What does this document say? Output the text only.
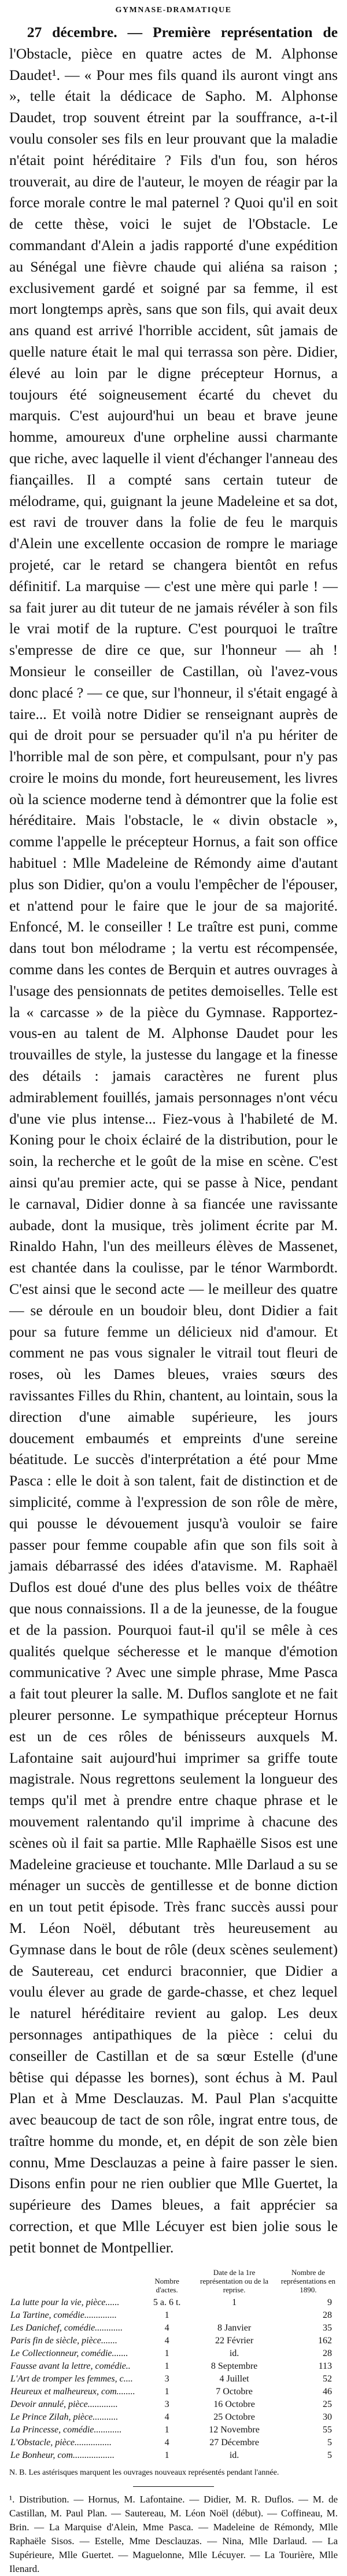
GYMNASE-DRAMATIQUE

27 décembre. — Première représentation de l'Obstacle, pièce en quatre actes de M. Alphonse Daudet¹. — « Pour mes fils quand ils auront vingt ans », telle était la dédicace de Sapho. M. Alphonse Daudet, trop souvent étreint par la souffrance, a-t-il voulu consoler ses fils en leur prouvant que la maladie n'était point héréditaire ? Fils d'un fou, son héros trouverait, au dire de l'auteur, le moyen de réagir par la force morale contre le mal paternel ? Quoi qu'il en soit de cette thèse, voici le sujet de l'Obstacle. Le commandant d'Alein a jadis rapporté d'une expédition au Sénégal une fièvre chaude qui aliéna sa raison ; exclusivement gardé et soigné par sa femme, il est mort longtemps après, sans que son fils, qui avait deux ans quand est arrivé l'horrible accident, sût jamais de quelle nature était le mal qui terrassa son père. Didier, élevé au loin par le digne précepteur Hornus, a toujours été soigneusement écarté du chevet du marquis. C'est aujourd'hui un beau et brave jeune homme, amoureux d'une orpheline aussi charmante que riche, avec laquelle il vient d'échanger l'anneau des fiançailles. Il a compté sans certain tuteur de mélodrame, qui, guignant la jeune Madeleine et sa dot, est ravi de trouver dans la folie de feu le marquis d'Alein une excellente occasion de rompre le mariage projeté, car le retard se changera bientôt en refus définitif. La marquise — c'est une mère qui parle ! — sa fait jurer au dit tuteur de ne jamais révéler à son fils le vrai motif de la rupture. C'est pourquoi le traître s'empresse de dire ce que, sur l'honneur — ah ! Monsieur le conseiller de Castillan, où l'avez-vous donc placé ? — ce que, sur l'honneur, il s'était engagé à taire... Et voilà notre Didier se renseignant auprès de qui de droit pour se persuader qu'il n'a pu hériter de l'horrible mal de son père, et compulsant, pour n'y pas croire le moins du monde, fort heureusement, les livres où la science moderne tend à démontrer que la folie est héréditaire. Mais l'obstacle, le « divin obstacle », comme l'appelle le précepteur Hornus, a fait son office habituel : Mlle Madeleine de Rémondy aime d'autant plus son Didier, qu'on a voulu l'empêcher de l'épouser, et n'attend pour le faire que le jour de sa majorité. Enfoncé, M. le conseiller ! Le traître est puni, comme dans tout bon mélodrame ; la vertu est récompensée, comme dans les contes de Berquin et autres ouvrages à l'usage des pensionnats de petites demoiselles. Telle est la « carcasse » de la pièce du Gymnase. Rapportez-vous-en au talent de M. Alphonse Daudet pour les trouvailles de style, la justesse du langage et la finesse des détails : jamais caractères ne furent plus admirablement fouillés, jamais personnages n'ont vécu d'une vie plus intense... Fiez-vous à l'habileté de M. Koning pour le choix éclairé de la distribution, pour le soin, la recherche et le goût de la mise en scène. C'est ainsi qu'au premier acte, qui se passe à Nice, pendant le carnaval, Didier donne à sa fiancée une ravissante aubade, dont la musique, très joliment écrite par M. Rinaldo Hahn, l'un des meilleurs élèves de Massenet, est chantée dans la coulisse, par le ténor Warmbordt. C'est ainsi que le second acte — le meilleur des quatre — se déroule en un boudoir bleu, dont Didier a fait pour sa future femme un délicieux nid d'amour. Et comment ne pas vous signaler le vitrail tout fleuri de roses, où les Dames bleues, vraies sœurs des ravissantes Filles du Rhin, chantent, au lointain, sous la direction d'une aimable supérieure, les jours doucement embaumés et empreints d'une sereine béatitude. Le succès d'interprétation a été pour Mme Pasca : elle le doit à son talent, fait de distinction et de simplicité, comme à l'expression de son rôle de mère, qui pousse le dévouement jusqu'à vouloir se faire passer pour femme coupable afin que son fils soit à jamais débarrassé des idées d'atavisme. M. Raphaël Duflos est doué d'une des plus belles voix de théâtre que nous connaissions. Il a de la jeunesse, de la fougue et de la passion. Pourquoi faut-il qu'il se mêle à ces qualités quelque sécheresse et le manque d'émotion communicative ? Avec une simple phrase, Mme Pasca a fait tout pleurer la salle. M. Duflos sanglote et ne fait pleurer personne. Le sympathique précepteur Hornus est un de ces rôles de bénisseurs auxquels M. Lafontaine sait aujourd'hui imprimer sa griffe toute magistrale. Nous regrettons seulement la longueur des temps qu'il met à prendre entre chaque phrase et le mouvement ralentando qu'il imprime à chacune des scènes où il fait sa partie. Mlle Raphaëlle Sisos est une Madeleine gracieuse et touchante. Mlle Darlaud a su se ménager un succès de gentillesse et de bonne diction en un tout petit épisode. Très franc succès aussi pour M. Léon Noël, débutant très heureusement au Gymnase dans le bout de rôle (deux scènes seulement) de Sautereau, cet endurci braconnier, que Didier a voulu élever au grade de garde-chasse, et chez lequel le naturel héréditaire revient au galop. Les deux personnages antipathiques de la pièce : celui du conseiller de Castillan et de sa sœur Estelle (d'une bêtise qui dépasse les bornes), sont échus à M. Paul Plan et à Mme Desclauzas. M. Paul Plan s'acquitte avec beaucoup de tact de son rôle, ingrat entre tous, de traître homme du monde, et, en dépit de son zèle bien connu, Mme Desclauzas a peine à faire passer le sien. Disons enfin pour ne rien oublier que Mlle Guertet, la supérieure des Dames bleues, a fait apprécier sa correction, et que Mlle Lécuyer est bien jolie sous le petit bonnet de Montpellier.

	Nombre d'actes.	Date de la 1re représentation ou de la reprise.	Nombre de représentations en 1890.
La lutte pour la vie, pièce......	5 a. 6 t.	1	9
La Tartine, comédie..............	1		28
Les Danichef, comédie............	4	8 Janvier	35
Paris fin de siècle, pièce.......	4	22 Février	162
Le Collectionneur, comédie.......	1	id.	28
Fausse avant la lettre, comédie..	1	8 Septembre	113
L'Art de tromper les femmes, c....	3	4 Juillet	52
Heureux et malheureux, com........	1	7 Octobre	46
Devoir annulé, pièce.............	3	16 Octobre	25
Le Prince Zilah, pièce...........	4	25 Octobre	30
La Princesse, comédie............	1	12 Novembre	55
L'Obstacle, pièce................	4	27 Décembre	5
Le Bonheur, com..................	1	id.	5

N. B. Les astérisques marquent les ouvrages nouveaux représentés pendant l'année.

¹. Distribution. — Hornus, M. Lafontaine. — Didier, M. R. Duflos. — M. de Castillan, M. Paul Plan. — Sautereau, M. Léon Noël (début). — Coffineau, M. Brin. — La Marquise d'Alein, Mme Pasca. — Madeleine de Rémondy, Mlle Raphaële Sisos. — Estelle, Mme Desclauzas. — Nina, Mlle Darlaud. — La Supérieure, Mlle Guertet. — Maguelonne, Mlle Lécuyer. — La Tourière, Mlle Ilenard.
